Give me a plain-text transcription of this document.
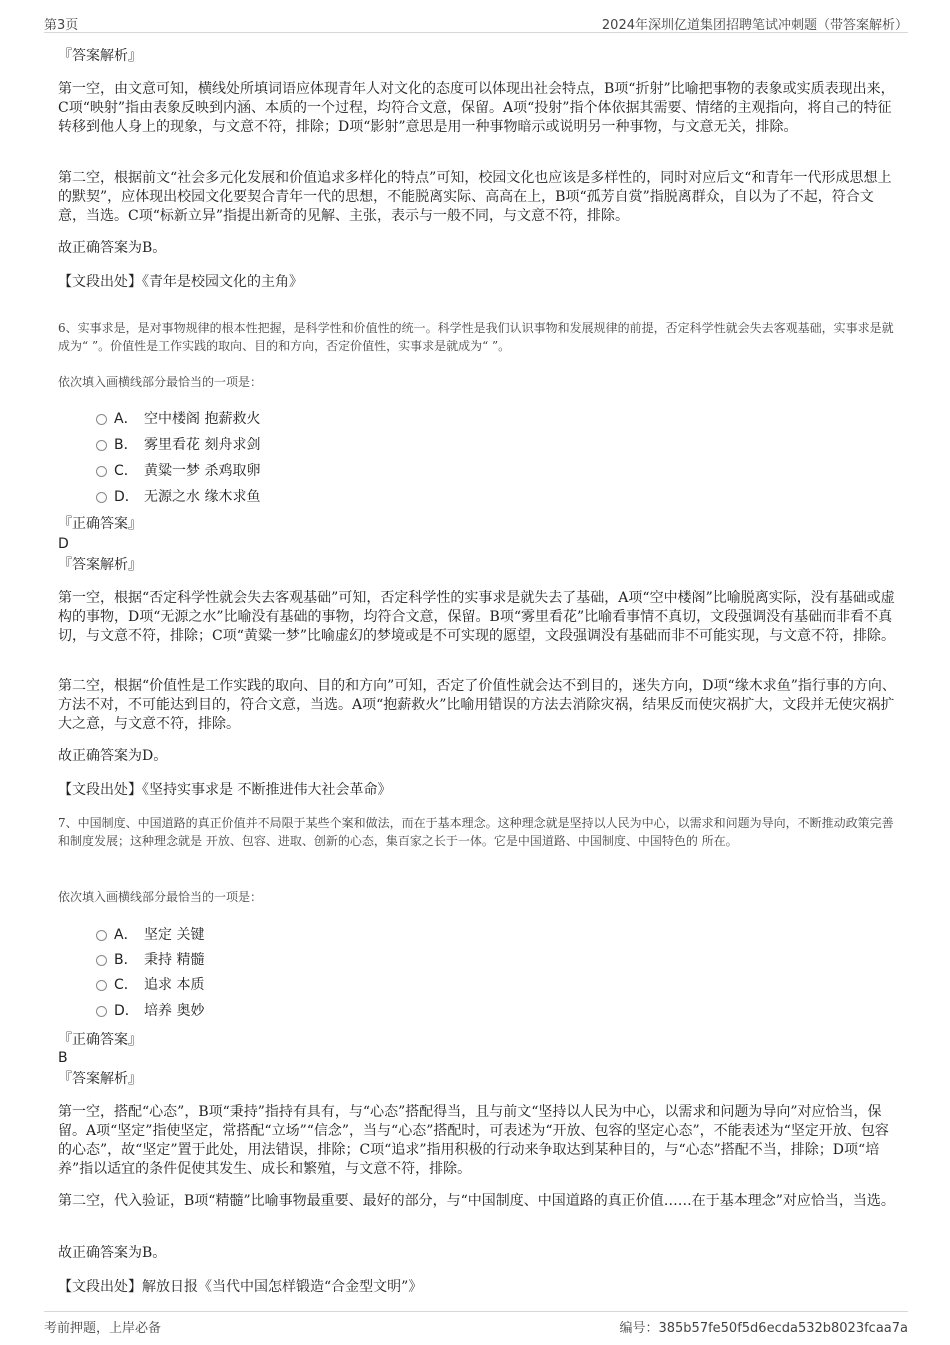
第3页	2024年深圳亿道集团招聘笔试冲刺题（带答案解析）
『答案解析』
第一空，由文意可知，横线处所填词语应体现青年人对文化的态度可以体现出社会特点，B项“折射”比喻把事物的表象或实质表现出来，C项“映射”指由表象反映到内涵、本质的一个过程，均符合文意，保留。A项“投射”指个体依据其需要、情绪的主观指向，将自己的特征转移到他人身上的现象，与文意不符，排除；D项“影射”意思是用一种事物暗示或说明另一种事物，与文意无关，排除。
第二空，根据前文“社会多元化发展和价值追求多样化的特点”可知，校园文化也应该是多样性的，同时对应后文“和青年一代形成思想上的默契”，应体现出校园文化要契合青年一代的思想，不能脱离实际、高高在上，B项“孤芳自赏”指脱离群众，自以为了不起，符合文意，当选。C项“标新立异”指提出新奇的见解、主张，表示与一般不同，与文意不符，排除。
故正确答案为B。
【文段出处】《青年是校园文化的主角》
6、实事求是，是对事物规律的根本性把握，是科学性和价值性的统一。科学性是我们认识事物和发展规律的前提，否定科学性就会失去客观基础，实事求是就成为“ ”。价值性是工作实践的取向、目的和方向，否定价值性，实事求是就成为“ ”。
依次填入画横线部分最恰当的一项是：
A． 空中楼阁 抱薪救火
B． 雾里看花 刻舟求剑
C． 黄粱一梦 杀鸡取卵
D． 无源之水 缘木求鱼
『正确答案』
D
『答案解析』
第一空，根据“否定科学性就会失去客观基础”可知，否定科学性的实事求是就失去了基础，A项“空中楼阁”比喻脱离实际，没有基础或虚构的事物，D项“无源之水”比喻没有基础的事物，均符合文意，保留。B项“雾里看花”比喻看事情不真切，文段强调没有基础而非看不真切，与文意不符，排除；C项“黄粱一梦”比喻虚幻的梦境或是不可实现的愿望，文段强调没有基础而非不可能实现，与文意不符，排除。
第二空，根据“价值性是工作实践的取向、目的和方向”可知，否定了价值性就会达不到目的，迷失方向，D项“缘木求鱼”指行事的方向、方法不对，不可能达到目的，符合文意，当选。A项“抱薪救火”比喻用错误的方法去消除灾祸，结果反而使灾祸扩大，文段并无使灾祸扩大之意，与文意不符，排除。
故正确答案为D。
【文段出处】《坚持实事求是 不断推进伟大社会革命》
7、中国制度、中国道路的真正价值并不局限于某些个案和做法，而在于基本理念。这种理念就是坚持以人民为中心，以需求和问题为导向，不断推动政策完善和制度发展；这种理念就是 开放、包容、进取、创新的心态，集百家之长于一体。它是中国道路、中国制度、中国特色的 所在。
依次填入画横线部分最恰当的一项是：
A． 坚定 关键
B． 秉持 精髓
C． 追求 本质
D． 培养 奥妙
『正确答案』
B
『答案解析』
第一空，搭配“心态”，B项“秉持”指持有具有，与“心态”搭配得当，且与前文“坚持以人民为中心，以需求和问题为导向”对应恰当，保留。A项“坚定”指使坚定，常搭配“立场”“信念”，当与“心态”搭配时，可表述为“开放、包容的坚定心态”，不能表述为“坚定开放、包容的心态”，故“坚定”置于此处，用法错误，排除；C项“追求”指用积极的行动来争取达到某种目的，与“心态”搭配不当，排除；D项“培养”指以适宜的条件促使其发生、成长和繁殖，与文意不符，排除。
第二空，代入验证，B项“精髓”比喻事物最重要、最好的部分，与“中国制度、中国道路的真正价值……在于基本理念”对应恰当，当选。
故正确答案为B。
【文段出处】解放日报《当代中国怎样锻造“合金型文明”》
考前押题，上岸必备	编号：385b57fe50f5d6ecda532b8023fcaa7a
